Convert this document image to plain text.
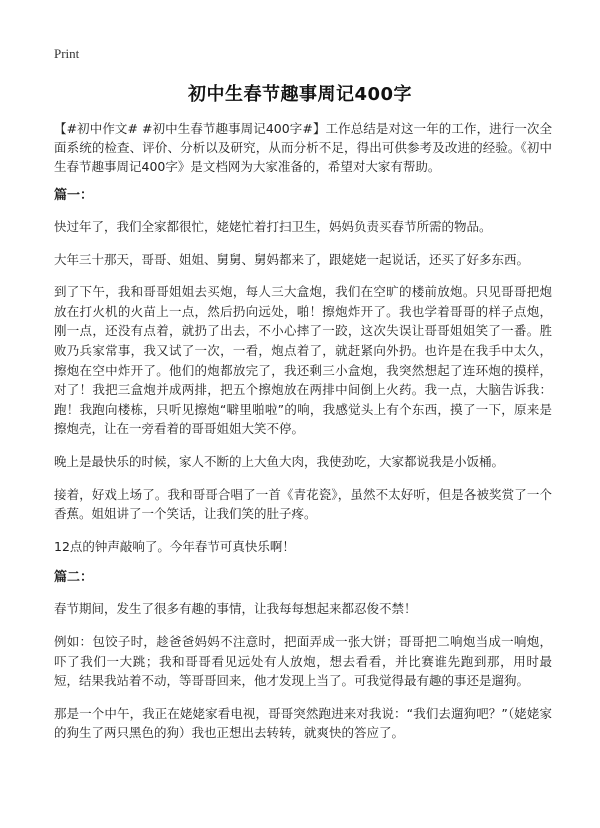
Print
初中生春节趣事周记400字

【#初中作文# #初中生春节趣事周记400字#】工作总结是对这一年的工作，进行一次全面系统的检查、评价、分析以及研究，从而分析不足，得出可供参考及改进的经验。《初中生春节趣事周记400字》是文档网为大家准备的，希望对大家有帮助。

篇一：

快过年了，我们全家都很忙，姥姥忙着打扫卫生，妈妈负责买春节所需的物品。

大年三十那天，哥哥、姐姐、舅舅、舅妈都来了，跟姥姥一起说话，还买了好多东西。

到了下午，我和哥哥姐姐去买炮，每人三大盒炮，我们在空旷的楼前放炮。只见哥哥把炮放在打火机的火苗上一点，然后扔向远处，啪！擦炮炸开了。我也学着哥哥的样子点炮，刚一点，还没有点着，就扔了出去，不小心摔了一跤，这次失误让哥哥姐姐笑了一番。胜败乃兵家常事，我又试了一次，一看，炮点着了，就赶紧向外扔。也许是在我手中太久，擦炮在空中炸开了。他们的炮都放完了，我还剩三小盒炮，我突然想起了连环炮的摸样，对了！我把三盒炮并成两排，把五个擦炮放在两排中间倒上火药。我一点，大脑告诉我：跑！我跑向楼栋，只听见擦炮“噼里啪啦”的响，我感觉头上有个东西，摸了一下，原来是擦炮壳，让在一旁看着的哥哥姐姐大笑不停。

晚上是最快乐的时候，家人不断的上大鱼大肉，我使劲吃，大家都说我是小饭桶。

接着，好戏上场了。我和哥哥合唱了一首《青花瓷》，虽然不太好听，但是各被奖赏了一个香蕉。姐姐讲了一个笑话，让我们笑的肚子疼。

12点的钟声敲响了。今年春节可真快乐啊！

篇二：

春节期间，发生了很多有趣的事情，让我每每想起来都忍俊不禁！

例如：包饺子时，趁爸爸妈妈不注意时，把面弄成一张大饼；哥哥把二响炮当成一响炮，吓了我们一大跳；我和哥哥看见远处有人放炮，想去看看，并比赛谁先跑到那，用时最短，结果我站着不动，等哥哥回来，他才发现上当了。可我觉得最有趣的事还是遛狗。

那是一个中午，我正在姥姥家看电视，哥哥突然跑进来对我说：“我们去遛狗吧？”（姥姥家的狗生了两只黑色的狗）我也正想出去转转，就爽快的答应了。
